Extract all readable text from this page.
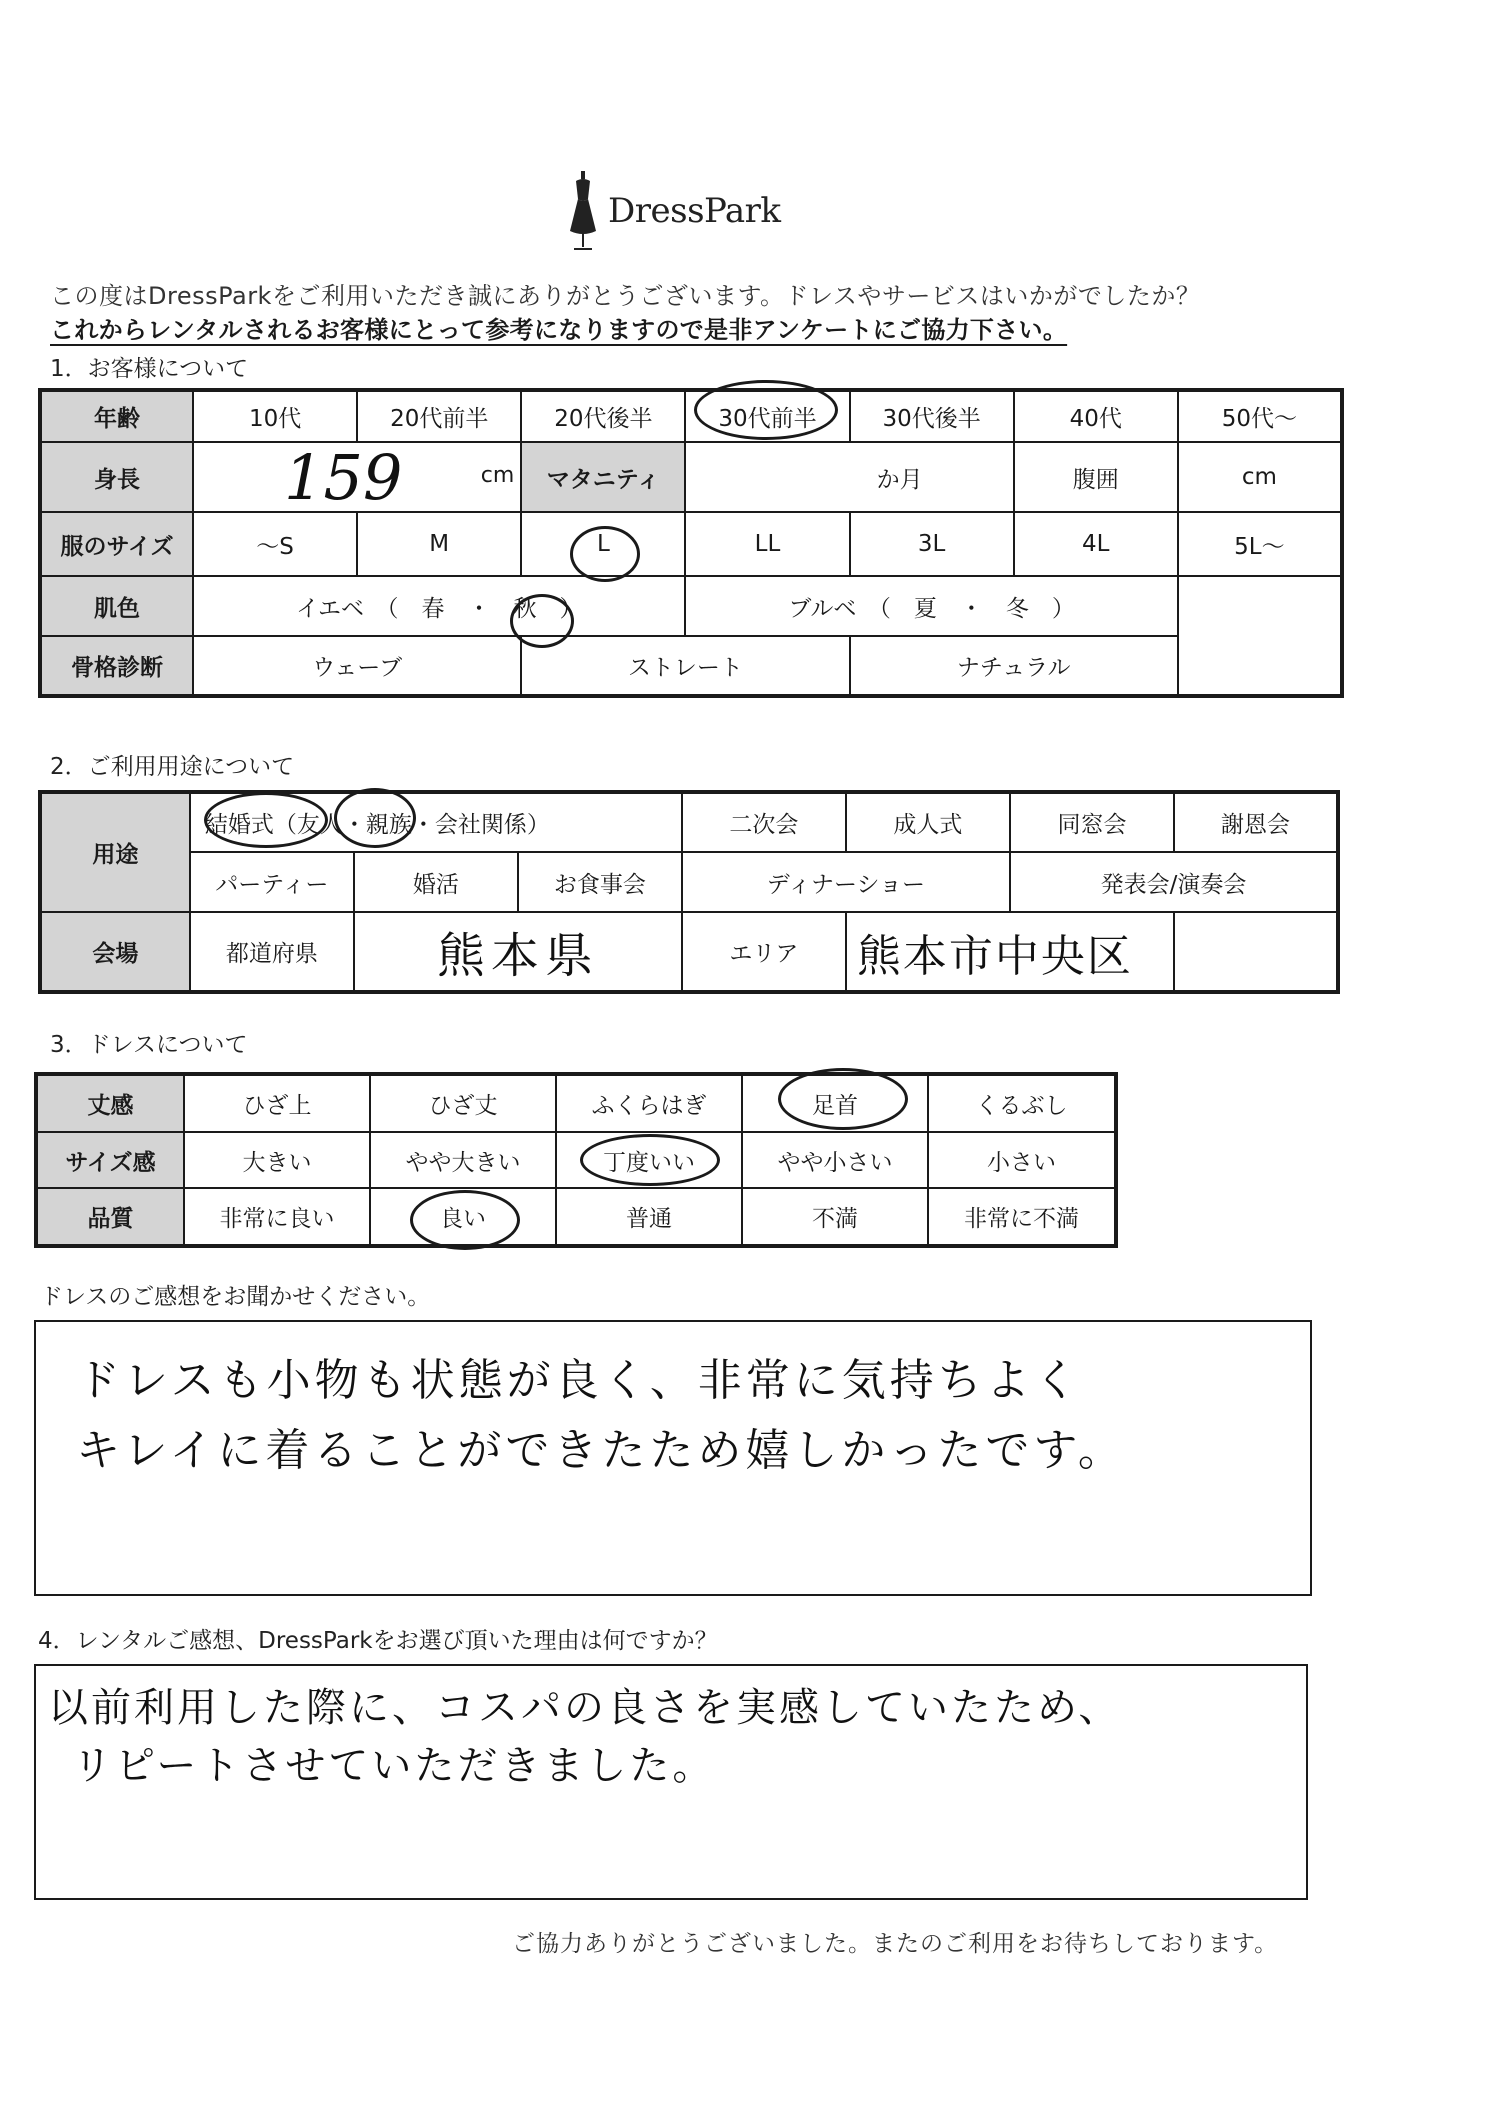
DressPark
この度はDressParkをご利用いただき誠にありがとうございます。ドレスやサービスはいかがでしたか？
これからレンタルされるお客様にとって参考になりますので是非アンケートにご協力下さい。
1．お客様について
年齢	10代	20代前半	20代後半	30代前半	30代後半	40代	50代～
身長	159 cm		マタニティ	か月		腹囲	cm
服のサイズ	～S	M	L	LL	3L	4L	5L～
肌色	イエベ　（　春　・　秋　）			ブルベ　（　夏　・　冬　）			
骨格診断	ウェーブ		ストレート		ナチュラル		
2．ご利用用途について
用途	結婚式（友人・親族・会社関係）			二次会	成人式	同窓会	謝恩会
	パーティー	婚活	お食事会	ディナーショー		発表会/演奏会	
会場	都道府県	熊本県		エリア	熊本市中央区		
3．ドレスについて
丈感	ひざ上	ひざ丈	ふくらはぎ	足首	くるぶし
サイズ感	大きい	やや大きい	丁度いい	やや小さい	小さい
品質	非常に良い	良い	普通	不満	非常に不満
ドレスのご感想をお聞かせください。
ドレスも小物も状態が良く、非常に気持ちよく
キレイに着ることができたため嬉しかったです。
4．レンタルご感想、DressParkをお選び頂いた理由は何ですか？
以前利用した際に、コスパの良さを実感していたため、
リピートさせていただきました。
ご協力ありがとうございました。またのご利用をお待ちしております。
